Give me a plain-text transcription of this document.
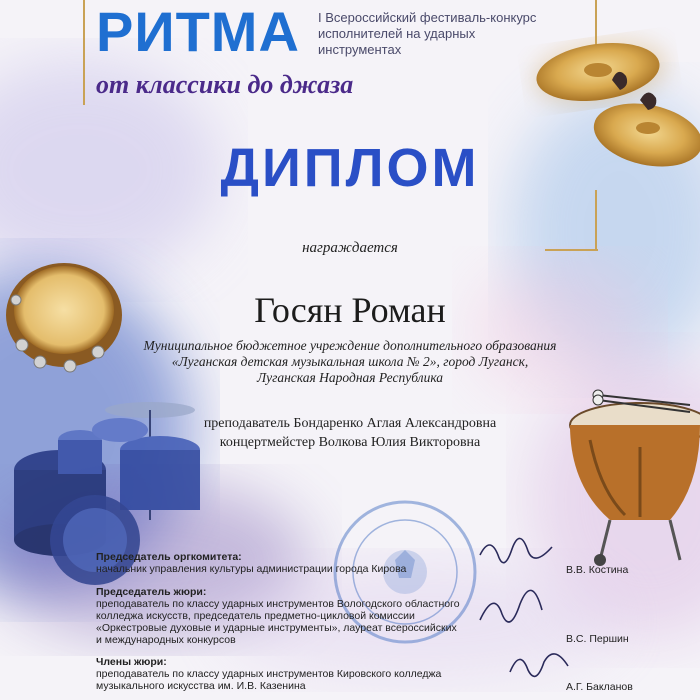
РИТМА I Всероссийский фестиваль-конкурс
исполнителей на ударных
инструментах
от классики до джаза
ДИПЛОМ
награждается
Госян Роман
Муниципальное бюджетное учреждение дополнительного образования
«Луганская детская музыкальная школа № 2», город Луганск,
Луганская Народная Республика
преподаватель Бондаренко Аглая Александровна
концертмейстер Волкова Юлия Викторовна
Председатель оргкомитета:
начальник управления культуры администрации города Кирова	В.В. Костина
Председатель жюри:
преподаватель по классу ударных инструментов Вологодского областного
колледжа искусств, председатель предметно-цикловой комиссии
«Оркестровые духовые и ударные инструменты», лауреат всероссийских
и международных конкурсов	В.С. Першин
Члены жюри:
преподаватель по классу ударных инструментов Кировского колледжа
музыкального искусства им. И.В. Казенина	А.Г. Бакланов
